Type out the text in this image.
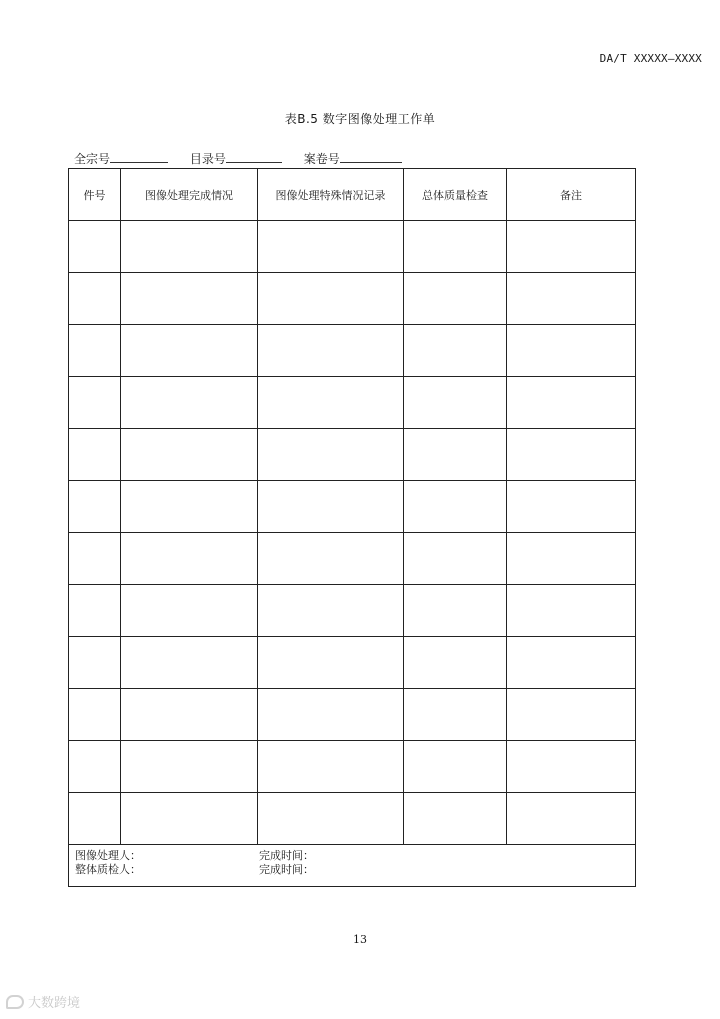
DA/T XXXXX—XXXX
表B.5 数字图像处理工作单
全宗号	目录号	案卷号
件号	图像处理完成情况	图像处理特殊情况记录	总体质量检查	备注

图像处理人： 完成时间：
整体质检人： 完成时间：				
13
大数跨境
